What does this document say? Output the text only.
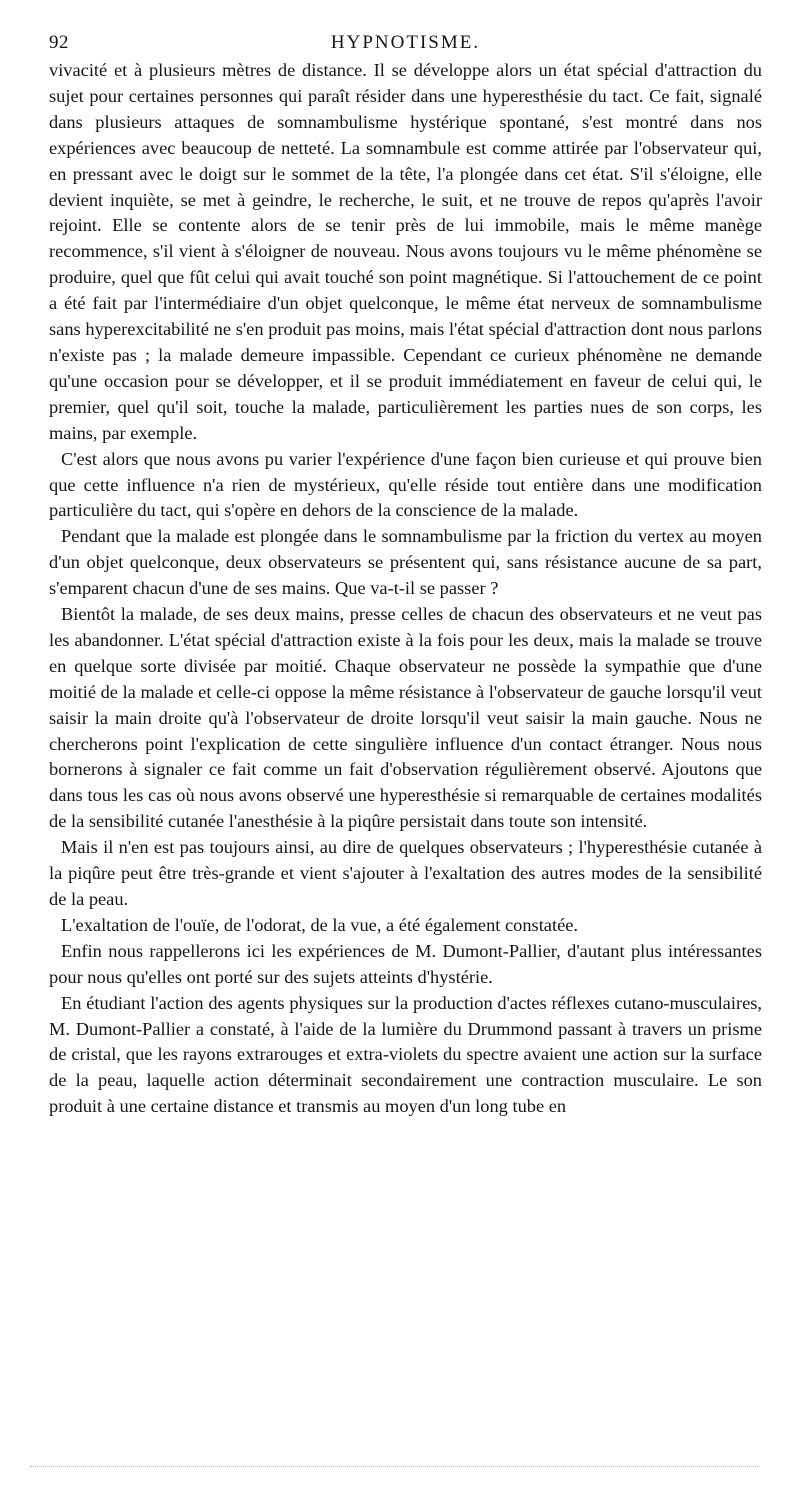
92	HYPNOTISME.

vivacité et à plusieurs mètres de distance. Il se développe alors un état spécial d'attraction du sujet pour certaines personnes qui paraît résider dans une hyperesthésie du tact. Ce fait, signalé dans plusieurs attaques de somnambulisme hystérique spontané, s'est montré dans nos expériences avec beaucoup de netteté. La somnambule est comme attirée par l'observateur qui, en pressant avec le doigt sur le sommet de la tête, l'a plongée dans cet état. S'il s'éloigne, elle devient inquiète, se met à geindre, le recherche, le suit, et ne trouve de repos qu'après l'avoir rejoint. Elle se contente alors de se tenir près de lui immobile, mais le même manège recommence, s'il vient à s'éloigner de nouveau. Nous avons toujours vu le même phénomène se produire, quel que fût celui qui avait touché son point magnétique. Si l'attouchement de ce point a été fait par l'intermédiaire d'un objet quelconque, le même état nerveux de somnambulisme sans hyperexcitabilité ne s'en produit pas moins, mais l'état spécial d'attraction dont nous parlons n'existe pas ; la malade demeure impassible. Cependant ce curieux phénomène ne demande qu'une occasion pour se développer, et il se produit immédiatement en faveur de celui qui, le premier, quel qu'il soit, touche la malade, particulièrement les parties nues de son corps, les mains, par exemple.

C'est alors que nous avons pu varier l'expérience d'une façon bien curieuse et qui prouve bien que cette influence n'a rien de mystérieux, qu'elle réside tout entière dans une modification particulière du tact, qui s'opère en dehors de la conscience de la malade.

Pendant que la malade est plongée dans le somnambulisme par la friction du vertex au moyen d'un objet quelconque, deux observateurs se présentent qui, sans résistance aucune de sa part, s'emparent chacun d'une de ses mains. Que va-t-il se passer ?

Bientôt la malade, de ses deux mains, presse celles de chacun des observateurs et ne veut pas les abandonner. L'état spécial d'attraction existe à la fois pour les deux, mais la malade se trouve en quelque sorte divisée par moitié. Chaque observateur ne possède la sympathie que d'une moitié de la malade et celle-ci oppose la même résistance à l'observateur de gauche lorsqu'il veut saisir la main droite qu'à l'observateur de droite lorsqu'il veut saisir la main gauche. Nous ne chercherons point l'explication de cette singulière influence d'un contact étranger. Nous nous bornerons à signaler ce fait comme un fait d'observation régulièrement observé. Ajoutons que dans tous les cas où nous avons observé une hyperesthésie si remarquable de certaines modalités de la sensibilité cutanée l'anesthésie à la piqûre persistait dans toute son intensité.

Mais il n'en est pas toujours ainsi, au dire de quelques observateurs ; l'hyperesthésie cutanée à la piqûre peut être très-grande et vient s'ajouter à l'exaltation des autres modes de la sensibilité de la peau.

L'exaltation de l'ouïe, de l'odorat, de la vue, a été également constatée.

Enfin nous rappellerons ici les expériences de M. Dumont-Pallier, d'autant plus intéressantes pour nous qu'elles ont porté sur des sujets atteints d'hystérie.

En étudiant l'action des agents physiques sur la production d'actes réflexes cutano-musculaires, M. Dumont-Pallier a constaté, à l'aide de la lumière du Drummond passant à travers un prisme de cristal, que les rayons extrarouges et extra-violets du spectre avaient une action sur la surface de la peau, laquelle action déterminait secondairement une contraction musculaire. Le son produit à une certaine distance et transmis au moyen d'un long tube en
